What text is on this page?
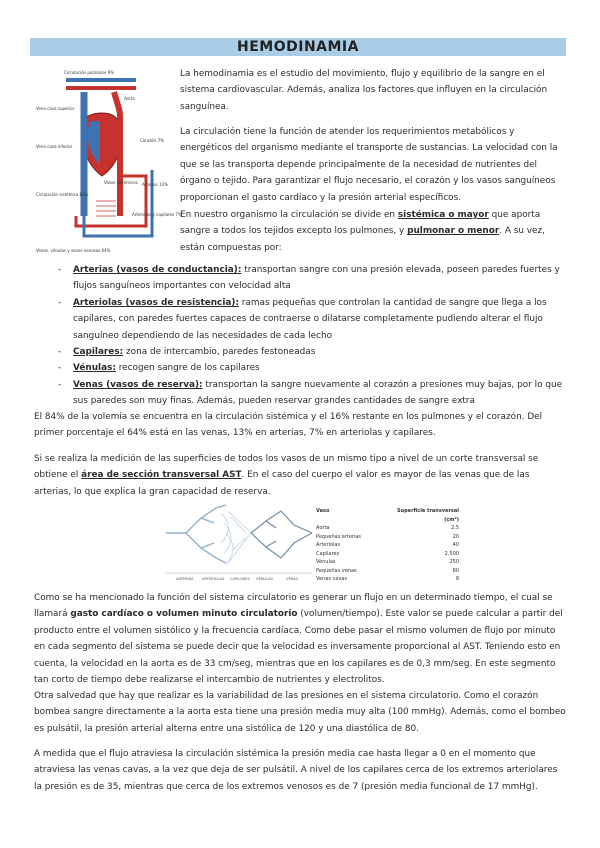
HEMODINAMIA
Circulación pulmonar 9%
Aorta
Vena cava superior
Vena cava inferior
Corazón 7%
Vasos sistémicos Arterias 13%
Arteriolas y capilares 7%
Circulación sistémica 84%
Venas, vénulas y senos venosos 64%
La hemodinamia es el estudio del movimiento, flujo y equilibrio de la sangre en el sistema cardiovascular. Además, analiza los factores que influyen en la circulación sanguínea.
La circulación tiene la función de atender los requerimientos metabólicos y energéticos del organismo mediante el transporte de sustancias. La velocidad con la que se las transporta depende principalmente de la necesidad de nutrientes del órgano o tejido. Para garantizar el flujo necesario, el corazón y los vasos sanguíneos proporcionan el gasto cardíaco y la presión arterial específicos.
En nuestro organismo la circulación se divide en sistémica o mayor que aporta sangre a todos los tejidos excepto los pulmones, y pulmonar o menor. A su vez, están compuestas por:
- Arterias (vasos de conductancia): transportan sangre con una presión elevada, poseen paredes fuertes y flujos sanguíneos importantes con velocidad alta
- Arteriolas (vasos de resistencia): ramas pequeñas que controlan la cantidad de sangre que llega a los capilares, con paredes fuertes capaces de contraerse o dilatarse completamente pudiendo alterar el flujo sanguíneo dependiendo de las necesidades de cada lecho
- Capilares: zona de intercambio, paredes festoneadas
- Vénulas: recogen sangre de los capilares
- Venas (vasos de reserva): transportan la sangre nuevamente al corazón a presiones muy bajas, por lo que sus paredes son muy finas. Además, pueden reservar grandes cantidades de sangre extra
El 84% de la volemia se encuentra en la circulación sistémica y el 16% restante en los pulmones y el corazón. Del primer porcentaje el 64% está en las venas, 13% en arterias, 7% en arteriolas y capilares.
Si se realiza la medición de las superficies de todos los vasos de un mismo tipo a nivel de un corte transversal se obtiene el área de sección transversal AST. En el caso del cuerpo el valor es mayor de las venas que de las arterias, lo que explica la gran capacidad de reserva.
ARTERIAS ARTERIOLAS CAPILARES VÉNULAS	VENAS
Vaso	Superficie transversal (cm²)
Aorta	2,5
Pequeñas arterias	20
Arteriolas	40
Capilares	2.500
Vénulas	250
Pequeñas venas	80
Venas cavas	8
Como se ha mencionado la función del sistema circulatorio es generar un flujo en un determinado tiempo, el cual se llamará gasto cardíaco o volumen minuto circulatorio (volumen/tiempo). Este valor se puede calcular a partir del producto entre el volumen sistólico y la frecuencia cardíaca. Como debe pasar el mismo volumen de flujo por minuto en cada segmento del sistema se puede decir que la velocidad es inversamente proporcional al AST. Teniendo esto en cuenta, la velocidad en la aorta es de 33 cm/seg, mientras que en los capilares es de 0,3 mm/seg. En este segmento tan corto de tiempo debe realizarse el intercambio de nutrientes y electrolitos.
Otra salvedad que hay que realizar es la variabilidad de las presiones en el sistema circulatorio. Como el corazón bombea sangre directamente a la aorta esta tiene una presión media muy alta (100 mmHg). Además, como el bombeo es pulsátil, la presión arterial alterna entre una sistólica de 120 y una diastólica de 80.
A medida que el flujo atraviesa la circulación sistémica la presión media cae hasta llegar a 0 en el momento que atraviesa las venas cavas, a la vez que deja de ser pulsátil. A nivel de los capilares cerca de los extremos arteriolares la presión es de 35, mientras que cerca de los extremos venosos es de 7 (presión media funcional de 17 mmHg).
